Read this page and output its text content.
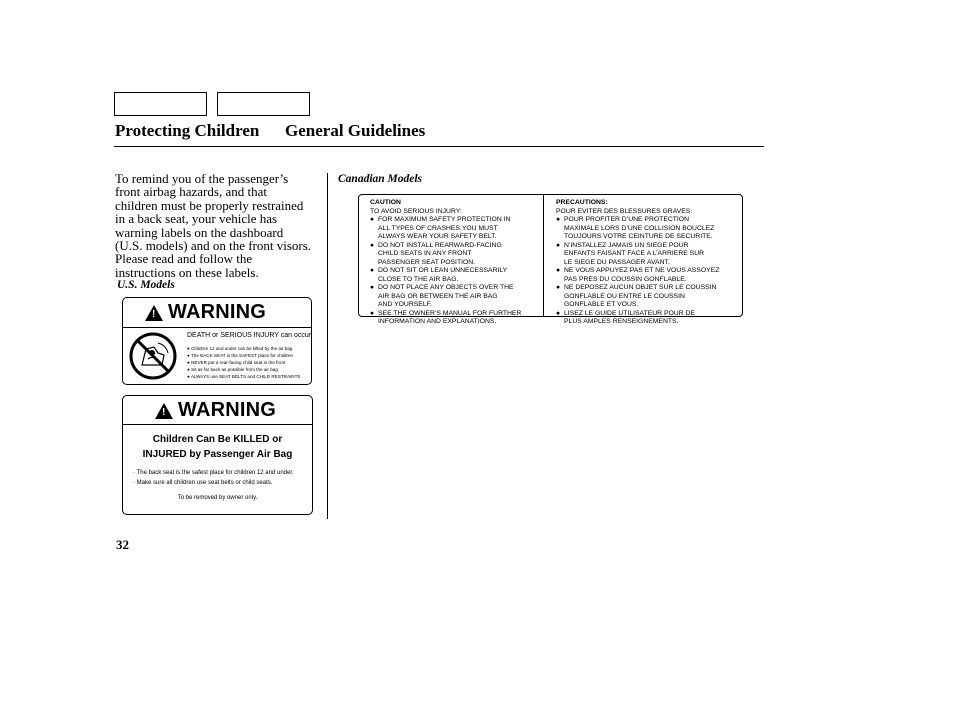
Protecting Children General Guidelines
To remind you of the passenger’s
front airbag hazards, and that
children must be properly restrained
in a back seat, your vehicle has
warning labels on the dashboard
(U.S. models) and on the front visors.
Please read and follow the
instructions on these labels.
U.S. Models
Canadian Models
! WARNING
DEATH or SERIOUS INJURY can occur
● Children 12 and under can be killed by the air bag
● The BACK SEAT is the SAFEST place for children
● NEVER put a rear-facing child seat in the front
● Sit as far back as possible from the air bag
● ALWAYS use SEAT BELTS and CHILD RESTRAINTS
! WARNING
Children Can Be KILLED or
INJURED by Passenger Air Bag
· The back seat is the safest place for children 12 and under.
· Make sure all children use seat belts or child seats.
To be removed by owner only.
CAUTION
TO AVOID SERIOUS INJURY:
● FOR MAXIMUM SAFETY PROTECTION IN
ALL TYPES OF CRASHES,YOU MUST
ALWAYS WEAR YOUR SAFETY BELT.
● DO NOT INSTALL REARWARD-FACING
CHILD SEATS IN ANY FRONT
PASSENGER SEAT POSITION.
● DO NOT SIT OR LEAN UNNECESSARILY
CLOSE TO THE AIR BAG.
● DO NOT PLACE ANY OBJECTS OVER THE
AIR BAG OR BETWEEN THE AIR BAG
AND YOURSELF.
● SEE THE OWNER’S MANUAL FOR FURTHER
INFORMATION AND EXPLANATIONS.
PRECAUTIONS:
POUR EVITER DES BLESSURES GRAVES:
● POUR PROFITER D’UNE PROTECTION
MAXIMALE LORS D’UNE COLLISION BOUCLEZ
TOUJOURS VOTRE CEINTURE DE SECURITE.
● N’INSTALLEZ JAMAIS UN SIEGE POUR
ENFANTS FAISANT FACE A L’ARRIERE SUR
LE SIEGE DU PASSAGER AVANT.
● NE VOUS APPUYEZ PAS ET NE VOUS ASSOYEZ
PAS PRES DU COUSSIN GONFLABLE.
● NE DEPOSEZ AUCUN OBJET SUR LE COUSSIN
GONFLABLE OU ENTRE LE COUSSIN
GONFLABLE ET VOUS.
● LISEZ LE GUIDE UTILISATEUR POUR DE
PLUS AMPLES RENSEIGNEMENTS.
32
